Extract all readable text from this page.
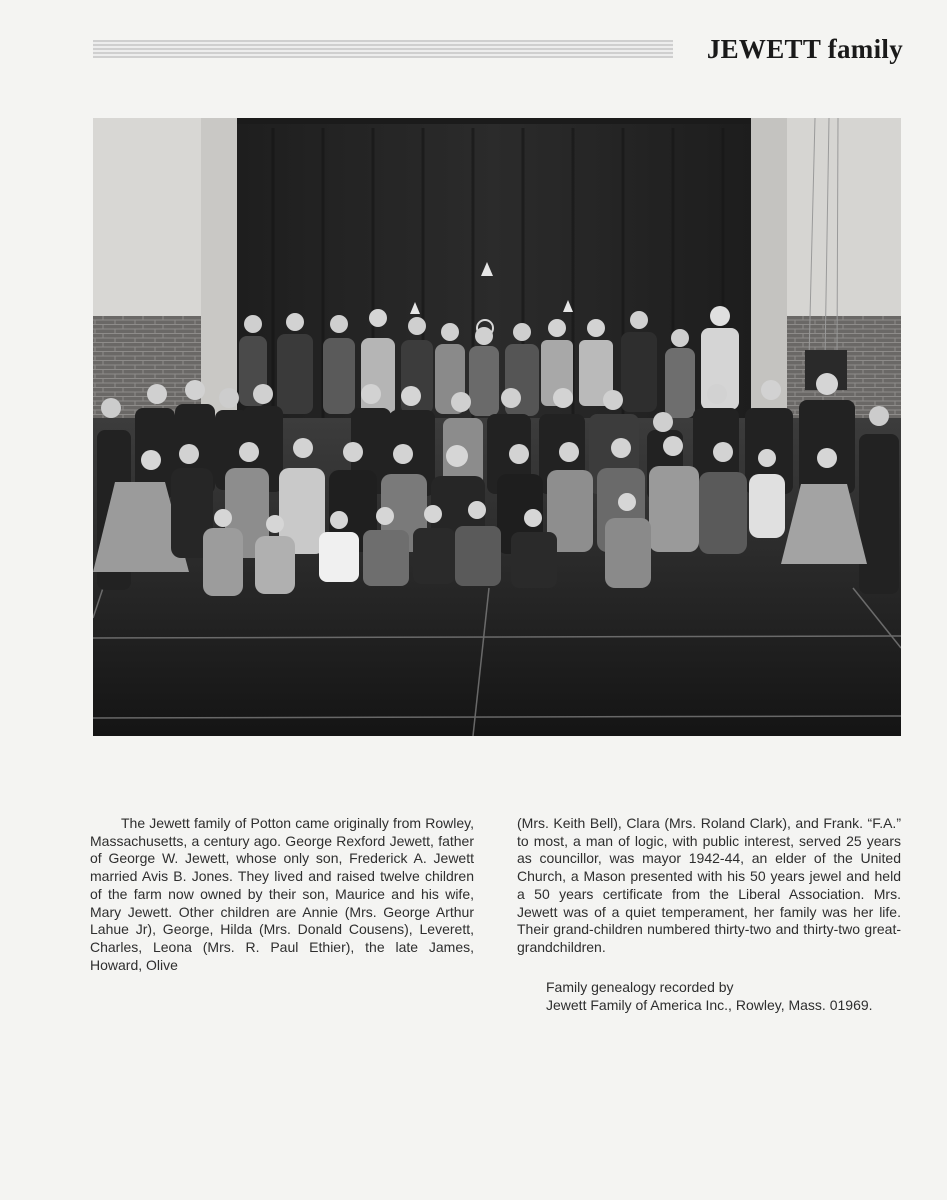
JEWETT family
The Jewett family of Potton came originally from Rowley, Massachusetts, a century ago. George Rexford Jewett, father of George W. Jewett, whose only son, Frederick A. Jewett married Avis B. Jones. They lived and raised twelve children of the farm now owned by their son, Maurice and his wife, Mary Jewett. Other children are Annie (Mrs. George Arthur Lahue Jr), George, Hilda (Mrs. Donald Cousens), Leverett, Charles, Leona (Mrs. R. Paul Ethier), the late James, Howard, Olive
(Mrs. Keith Bell), Clara (Mrs. Roland Clark), and Frank. “F.A.” to most, a man of logic, with public interest, served 25 years as councillor, was mayor 1942-44, an elder of the United Church, a Mason presented with his 50 years jewel and held a 50 years certificate from the Liberal Association. Mrs. Jewett was of a quiet temperament, her family was her life. Their grand-children numbered thirty-two and thirty-two great-grandchildren.
Family genealogy recorded by
Jewett Family of America Inc., Rowley, Mass. 01969.
